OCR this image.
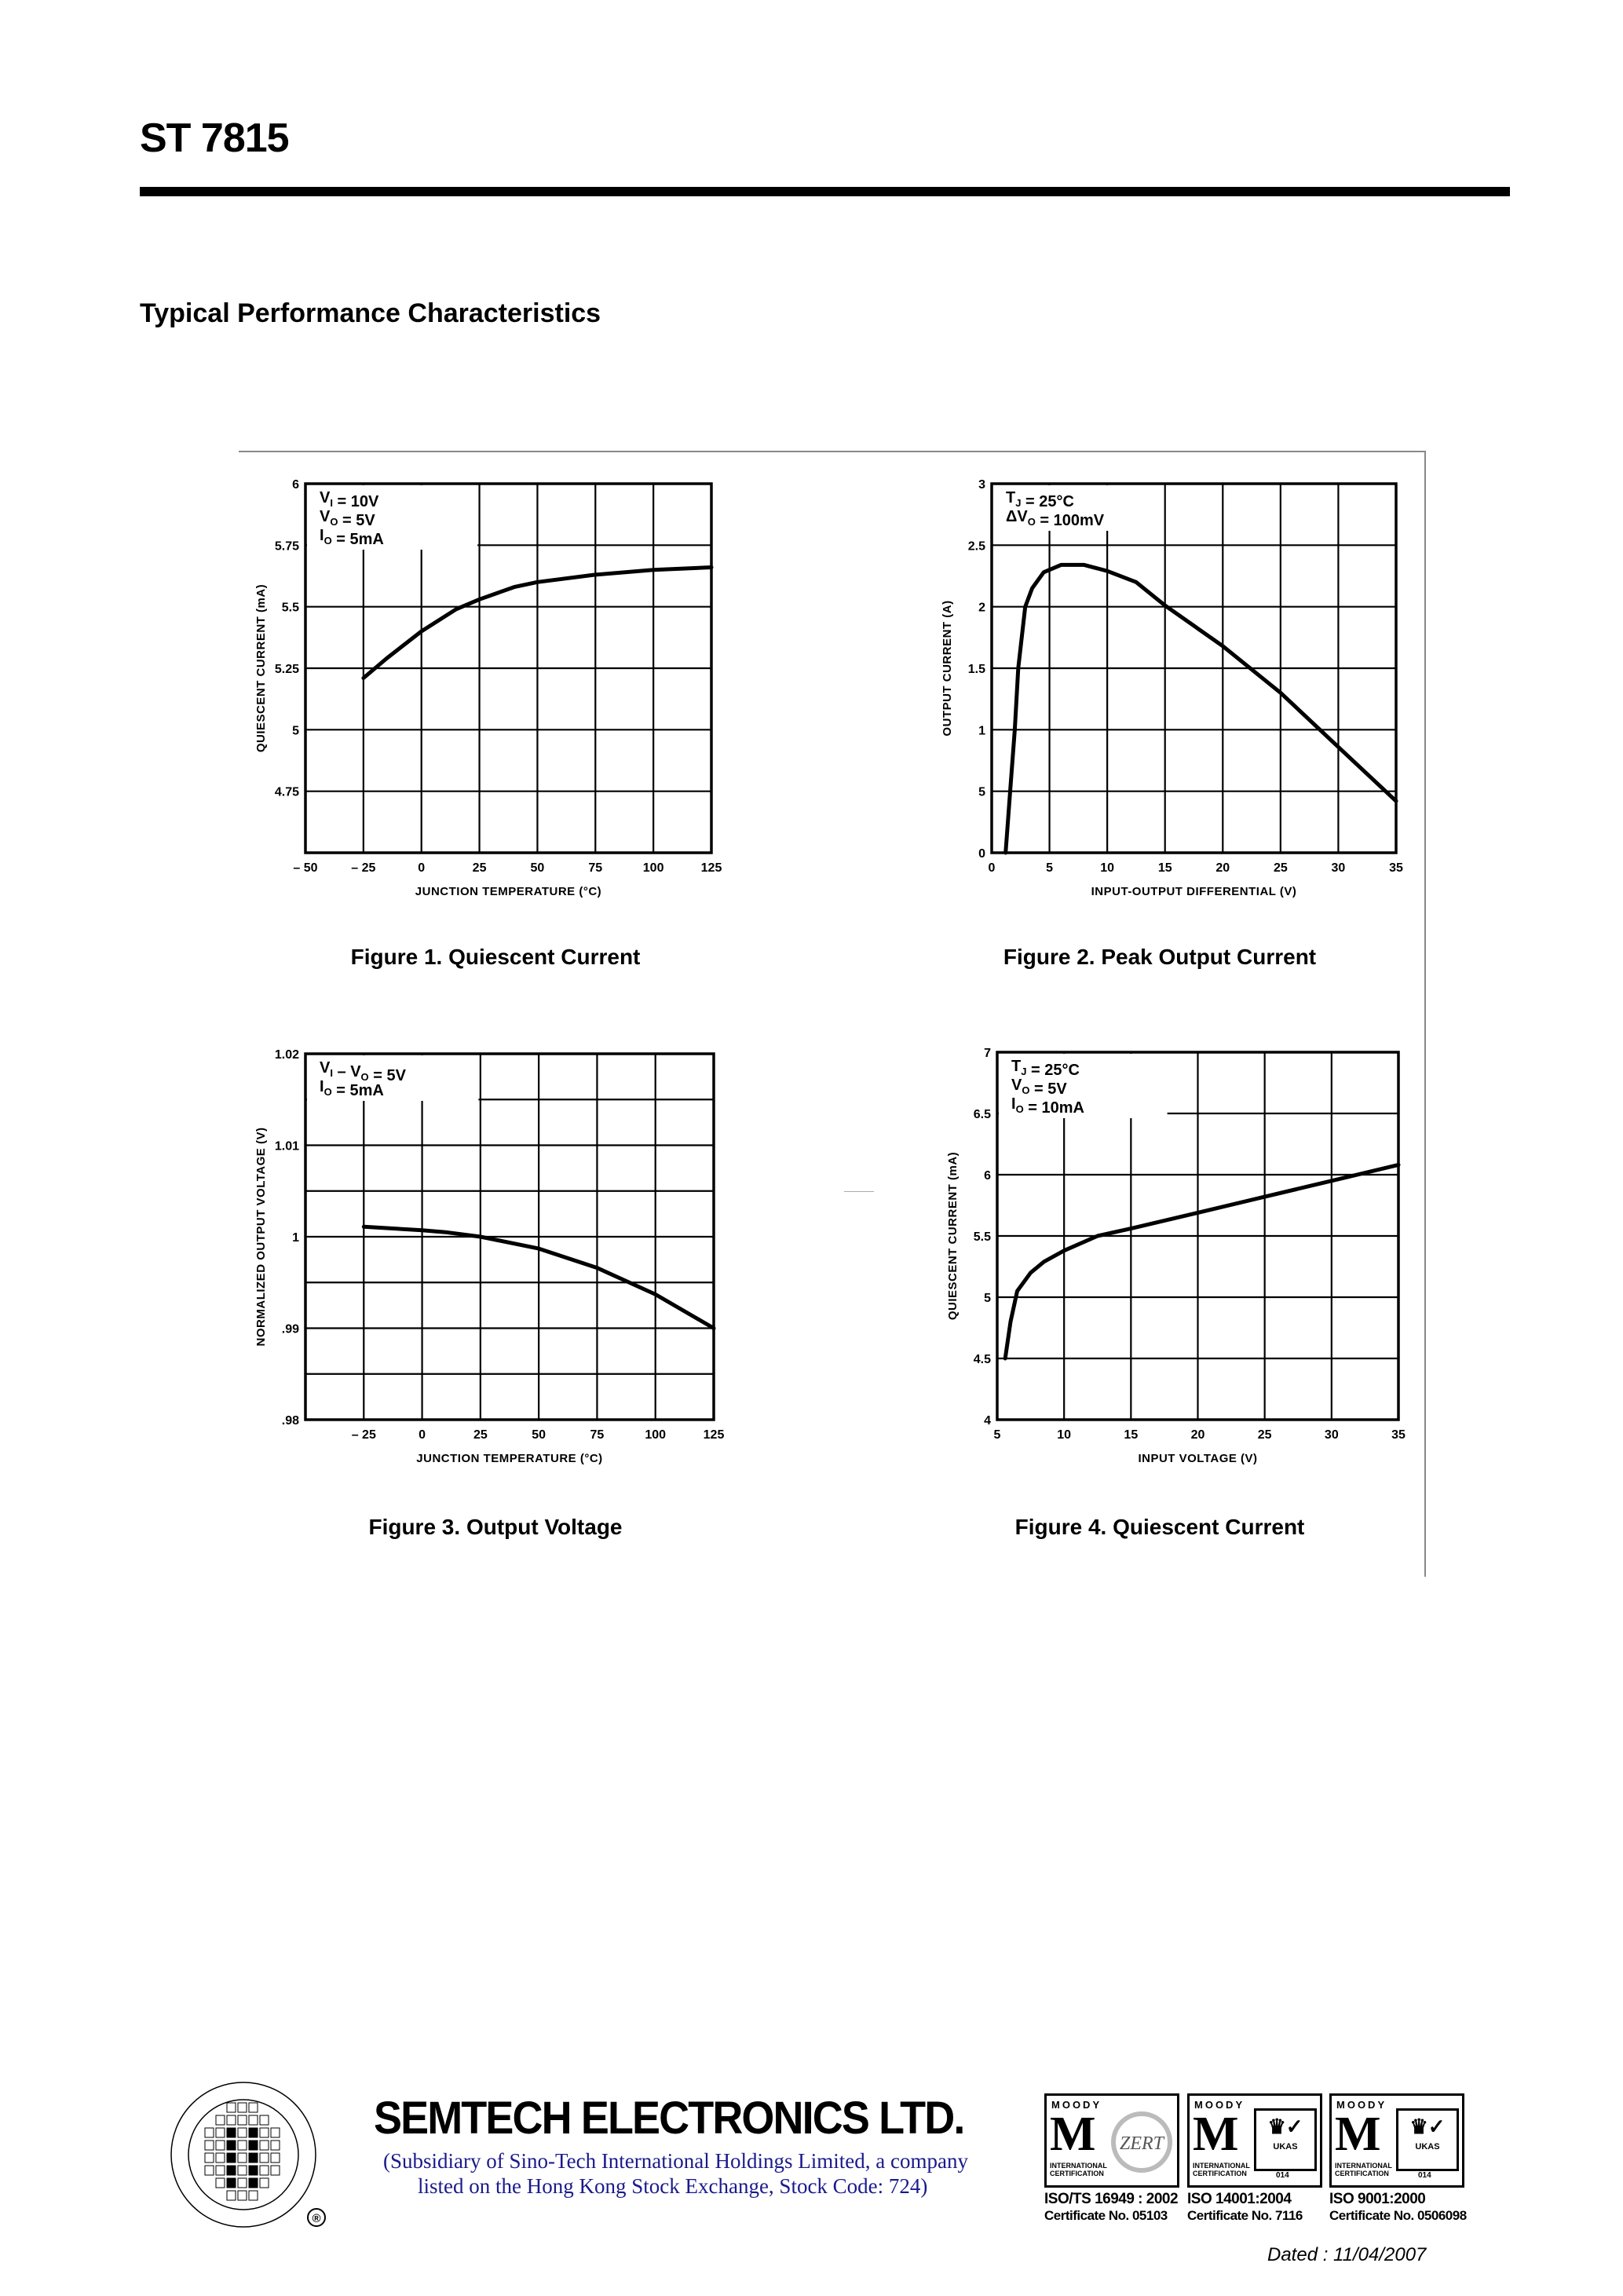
ST 7815
Typical Performance Characteristics
– 50	– 25	0	25	50	75	100	125
4.75
5
5.25
5.5
5.75
6
$V_I = 10V$
$V_O = 5V$
$I_O = 5mA$
JUNCTION TEMPERATURE (°C)
QUIESCENT CURRENT (mA)
0	5	10	15	20	25	30	35
0
5
1
1.5
2
2.5
3
$T_J = 25^\circ C$
$\Delta V_O = 100mV$
INPUT-OUTPUT DIFFERENTIAL (V)
OUTPUT CURRENT (A)
– 25	0	25	50	75	100	125
.98
.99
1
1.01
1.02
$V_I - V_O = 5V$
$I_O = 5mA$
JUNCTION TEMPERATURE (°C)
NORMALIZED OUTPUT VOLTAGE (V)
5	10	15	20	25	30	35
4
4.5
5
5.5
6
6.5
7
$T_J = 25^\circ C$
$V_O = 5V$
$I_O = 10mA$
INPUT VOLTAGE (V)
QUIESCENT CURRENT (mA)
Figure 1. Quiescent Current	Figure 2. Peak Output Current
Figure 3. Output Voltage	Figure 4. Quiescent Current
®
SEMTECH ELECTRONICS LTD.
(Subsidiary of Sino-Tech International Holdings Limited, a company
listed on the Hong Kong Stock Exchange, Stock Code: 724)
MOODY
M
INTERNATIONAL CERTIFICATION
ZERT
ISO/TS 16949 : 2002
Certificate No. 05103
MOODY
M
INTERNATIONAL CERTIFICATION
♛✓
UKAS
014
ISO 14001:2004
Certificate No. 7116
MOODY
M
INTERNATIONAL CERTIFICATION
♛✓
UKAS
014
ISO 9001:2000
Certificate No. 0506098
Dated : 11/04/2007
